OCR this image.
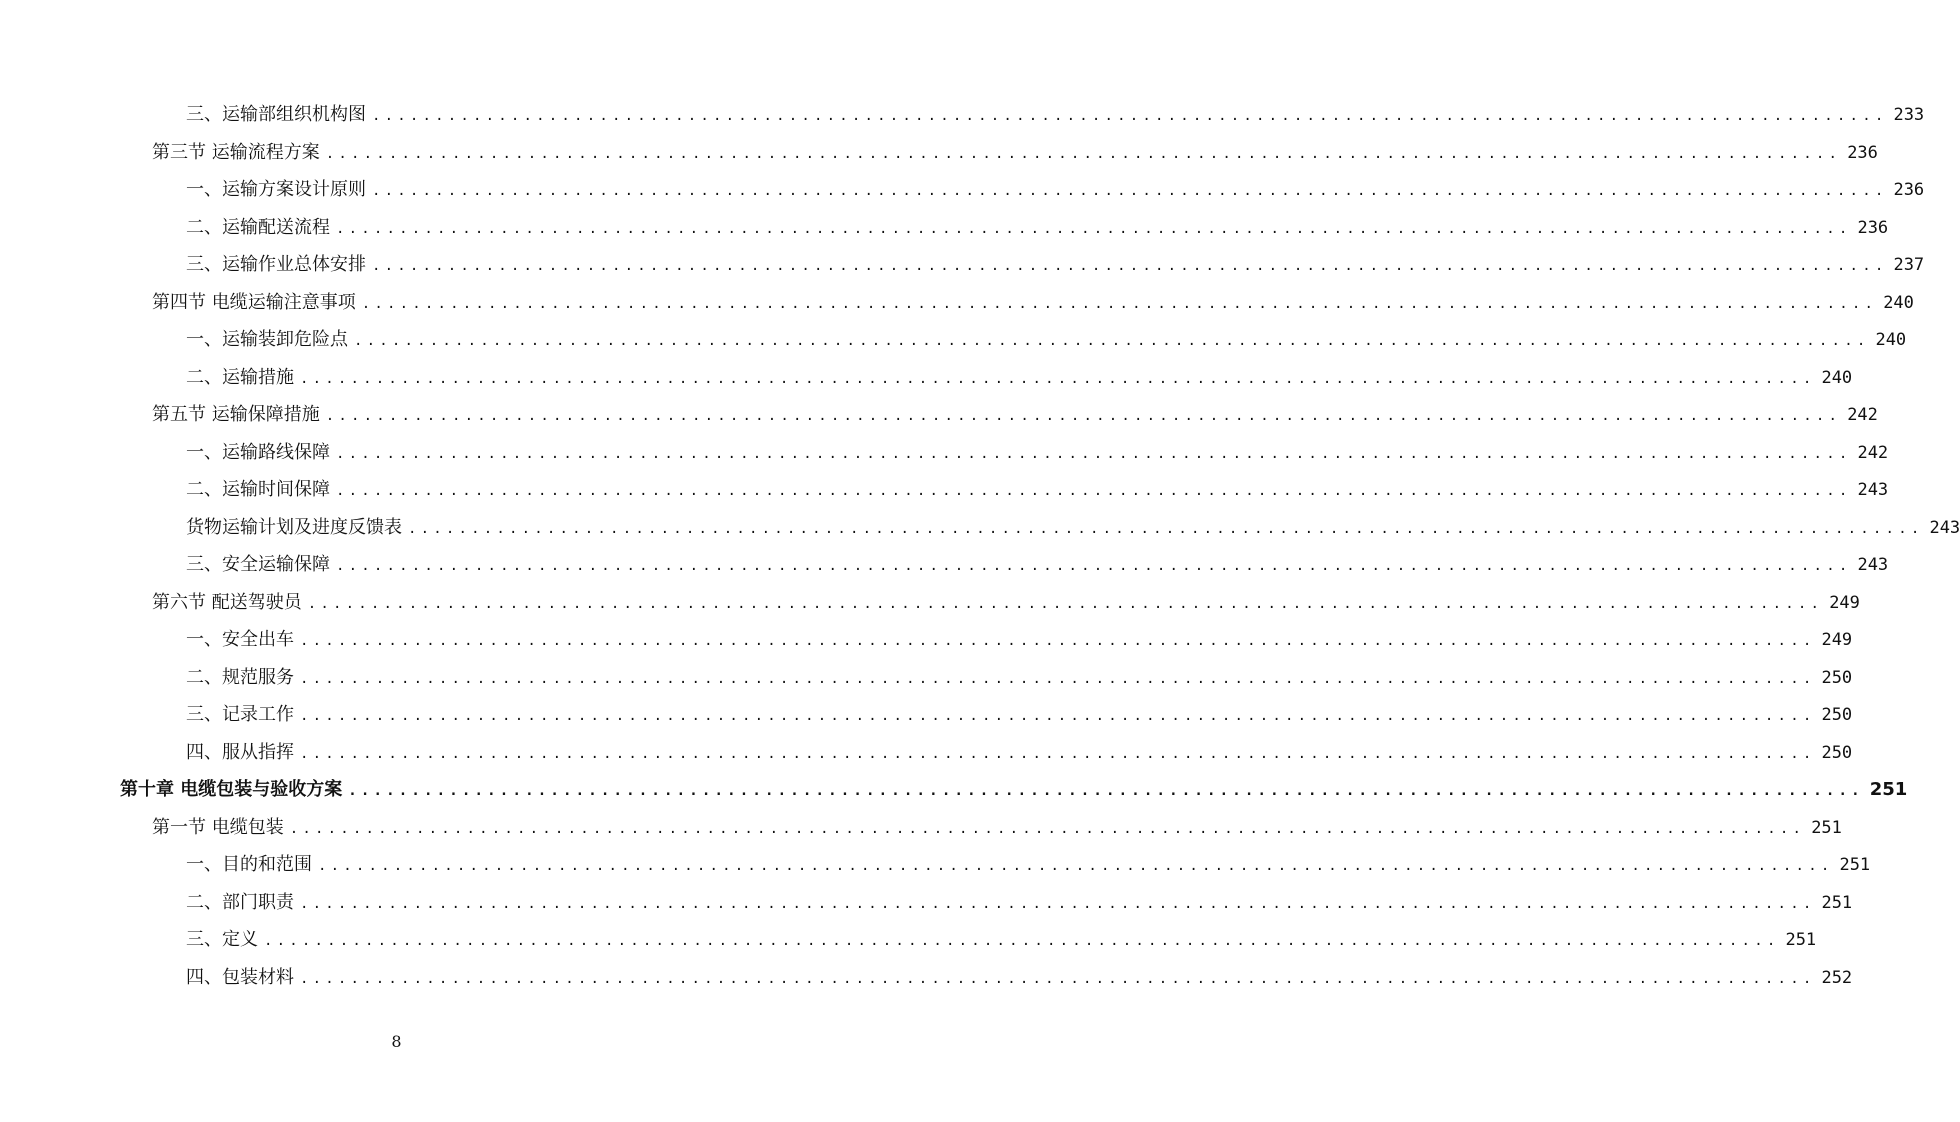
三、运输部组织机构图 ........................................................................................................................ 233
第三节 运输流程方案 ........................................................................................................................ 236
一、运输方案设计原则 ........................................................................................................................ 236
二、运输配送流程 ........................................................................................................................ 236
三、运输作业总体安排 ........................................................................................................................ 237
第四节 电缆运输注意事项 ........................................................................................................................ 240
一、运输装卸危险点 ........................................................................................................................ 240
二、运输措施 ........................................................................................................................ 240
第五节 运输保障措施 ........................................................................................................................ 242
一、运输路线保障 ........................................................................................................................ 242
二、运输时间保障 ........................................................................................................................ 243
货物运输计划及进度反馈表 ........................................................................................................................ 243
三、安全运输保障 ........................................................................................................................ 243
第六节 配送驾驶员 ........................................................................................................................ 249
一、安全出车 ........................................................................................................................ 249
二、规范服务 ........................................................................................................................ 250
三、记录工作 ........................................................................................................................ 250
四、服从指挥 ........................................................................................................................ 250
第十章 电缆包装与验收方案 ........................................................................................................................ 251
第一节 电缆包装 ........................................................................................................................ 251
一、目的和范围 ........................................................................................................................ 251
二、部门职责 ........................................................................................................................ 251
三、定义 ........................................................................................................................ 251
四、包装材料 ........................................................................................................................ 252
8
